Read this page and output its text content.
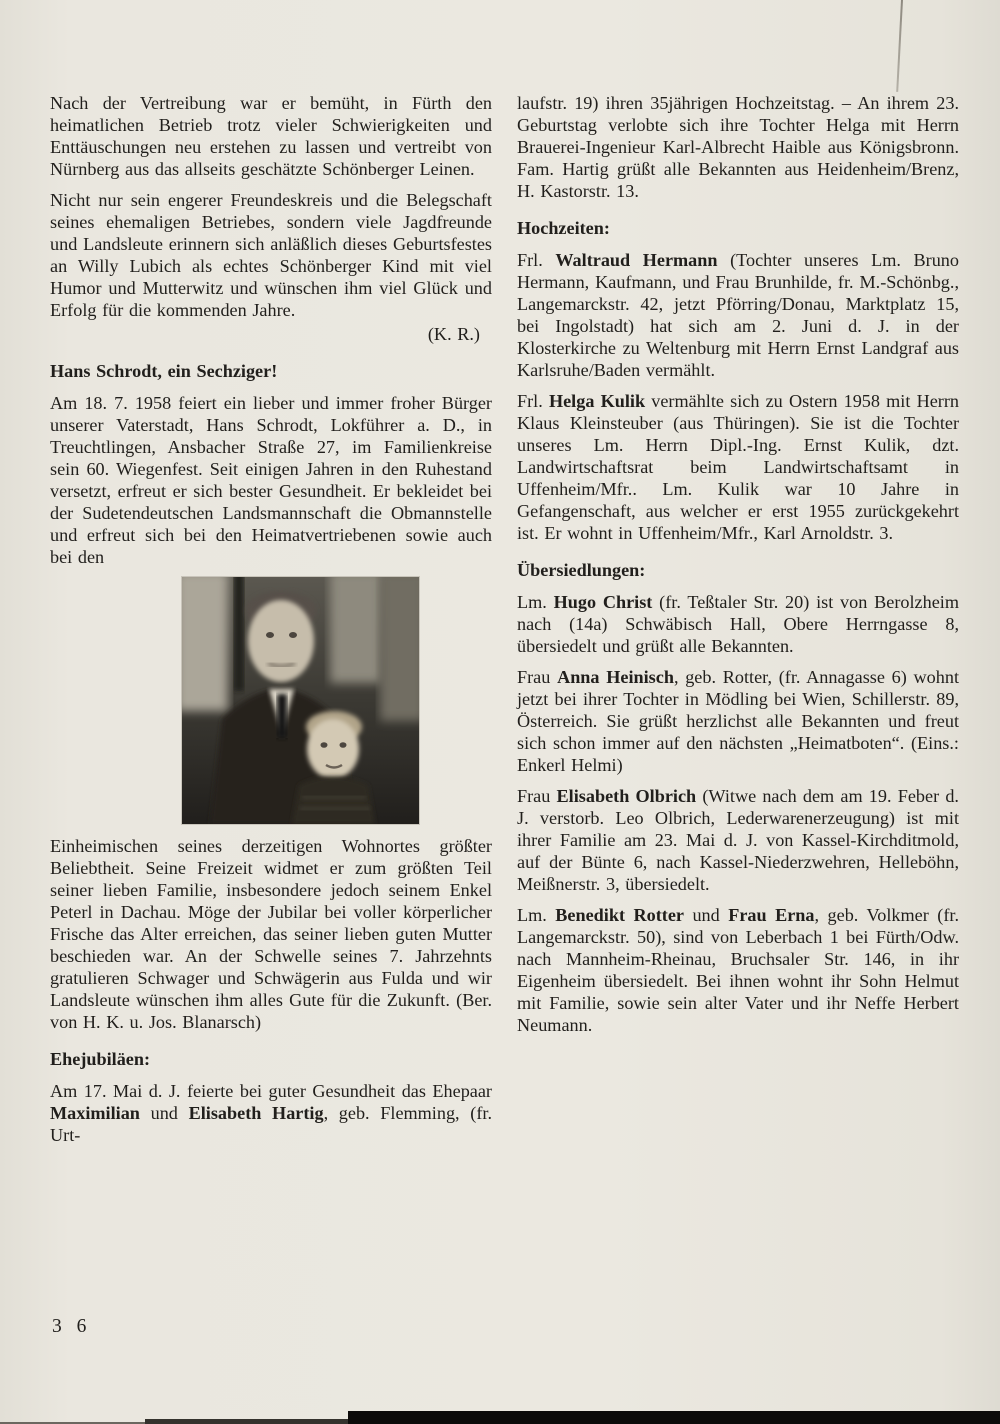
Nach der Vertreibung war er bemüht, in Fürth den heimatlichen Betrieb trotz vieler Schwierigkeiten und Enttäuschungen neu erstehen zu lassen und vertreibt von Nürnberg aus das allseits geschätzte Schönberger Leinen.

Nicht nur sein engerer Freundeskreis und die Belegschaft seines ehemaligen Betriebes, sondern viele Jagdfreunde und Landsleute erinnern sich anläßlich dieses Geburtsfestes an Willy Lubich als echtes Schönberger Kind mit viel Humor und Mutterwitz und wünschen ihm viel Glück und Erfolg für die kommenden Jahre.

(K. R.)

Hans Schrodt, ein Sechziger!

Am 18. 7. 1958 feiert ein lieber und immer froher Bürger unserer Vaterstadt, Hans Schrodt, Lokführer a. D., in Treuchtlingen, Ansbacher Straße 27, im Familienkreise sein 60. Wiegenfest. Seit einigen Jahren in den Ruhestand versetzt, erfreut er sich bester Gesundheit. Er bekleidet bei der Sudetendeutschen Landsmannschaft die Obmannstelle und erfreut sich bei den Heimatvertriebenen sowie auch bei den

Einheimischen seines derzeitigen Wohnortes größter Beliebtheit. Seine Freizeit widmet er zum größten Teil seiner lieben Familie, insbesondere jedoch seinem Enkel Peterl in Dachau. Möge der Jubilar bei voller körperlicher Frische das Alter erreichen, das seiner lieben guten Mutter beschieden war. An der Schwelle seines 7. Jahrzehnts gratulieren Schwager und Schwägerin aus Fulda und wir Landsleute wünschen ihm alles Gute für die Zukunft. (Ber. von H. K. u. Jos. Blanarsch)

Ehejubiläen:

Am 17. Mai d. J. feierte bei guter Gesundheit das Ehepaar Maximilian und Elisabeth Hartig, geb. Flemming, (fr. Urt-

laufstr. 19) ihren 35jährigen Hochzeitstag. – An ihrem 23. Geburtstag verlobte sich ihre Tochter Helga mit Herrn Brauerei-Ingenieur Karl-Albrecht Haible aus Königsbronn. Fam. Hartig grüßt alle Bekannten aus Heidenheim/Brenz, H. Kastorstr. 13.

Hochzeiten:

Frl. Waltraud Hermann (Tochter unseres Lm. Bruno Hermann, Kaufmann, und Frau Brunhilde, fr. M.-Schönbg., Langemarckstr. 42, jetzt Pförring/Donau, Marktplatz 15, bei Ingolstadt) hat sich am 2. Juni d. J. in der Klosterkirche zu Weltenburg mit Herrn Ernst Landgraf aus Karlsruhe/Baden vermählt.

Frl. Helga Kulik vermählte sich zu Ostern 1958 mit Herrn Klaus Kleinsteuber (aus Thüringen). Sie ist die Tochter unseres Lm. Herrn Dipl.-Ing. Ernst Kulik, dzt. Landwirtschaftsrat beim Landwirtschaftsamt in Uffenheim/Mfr.. Lm. Kulik war 10 Jahre in Gefangenschaft, aus welcher er erst 1955 zurückgekehrt ist. Er wohnt in Uffenheim/Mfr., Karl Arnoldstr. 3.

Übersiedlungen:

Lm. Hugo Christ (fr. Teßtaler Str. 20) ist von Berolzheim nach (14a) Schwäbisch Hall, Obere Herrngasse 8, übersiedelt und grüßt alle Bekannten.

Frau Anna Heinisch, geb. Rotter, (fr. Annagasse 6) wohnt jetzt bei ihrer Tochter in Mödling bei Wien, Schillerstr. 89, Österreich. Sie grüßt herzlichst alle Bekannten und freut sich schon immer auf den nächsten „Heimatboten“. (Eins.: Enkerl Helmi)

Frau Elisabeth Olbrich (Witwe nach dem am 19. Feber d. J. verstorb. Leo Olbrich, Lederwarenerzeugung) ist mit ihrer Familie am 23. Mai d. J. von Kassel-Kirchditmold, auf der Bünte 6, nach Kassel-Niederzwehren, Helleböhn, Meißnerstr. 3, übersiedelt.

Lm. Benedikt Rotter und Frau Erna, geb. Volkmer (fr. Langemarckstr. 50), sind von Leberbach 1 bei Fürth/Odw. nach Mannheim-Rheinau, Bruchsaler Str. 146, in ihr Eigenheim übersiedelt. Bei ihnen wohnt ihr Sohn Helmut mit Familie, sowie sein alter Vater und ihr Neffe Herbert Neumann.

3 6
